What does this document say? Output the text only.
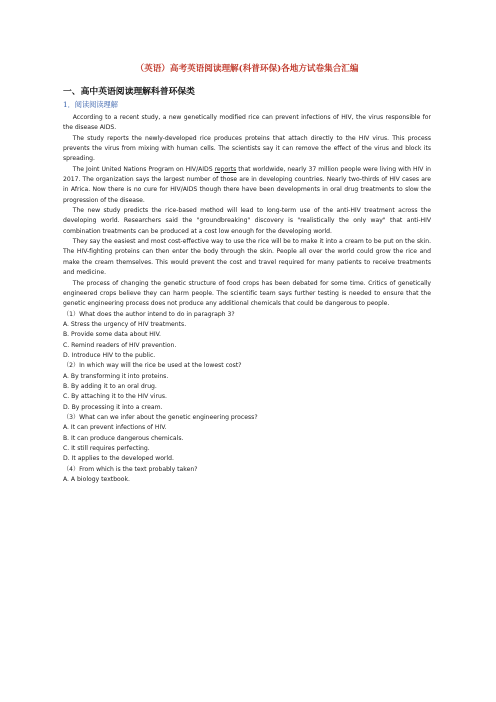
（英语）高考英语阅读理解(科普环保)各地方试卷集合汇编
一、高中英语阅读理解科普环保类
1．阅读阅读理解

According to a recent study, a new genetically modified rice can prevent infections of HIV, the virus responsible for the disease AIDS.

The study reports the newly-developed rice produces proteins that attach directly to the HIV virus. This process prevents the virus from mixing with human cells. The scientists say it can remove the effect of the virus and block its spreading.

The Joint United Nations Program on HIV/AIDS reports that worldwide, nearly 37 million people were living with HIV in 2017. The organization says the largest number of those are in developing countries. Nearly two-thirds of HIV cases are in Africa. Now there is no cure for HIV/AIDS though there have been developments in oral drug treatments to slow the progression of the disease.

The new study predicts the rice-based method will lead to long-term use of the anti-HIV treatment across the developing world. Researchers said the "groundbreaking" discovery is "realistically the only way" that anti-HIV combination treatments can be produced at a cost low enough for the developing world.

They say the easiest and most cost-effective way to use the rice will be to make it into a cream to be put on the skin. The HIV-fighting proteins can then enter the body through the skin. People all over the world could grow the rice and make the cream themselves. This would prevent the cost and travel required for many patients to receive treatments and medicine.

The process of changing the genetic structure of food crops has been debated for some time. Critics of genetically engineered crops believe they can harm people. The scientific team says further testing is needed to ensure that the genetic engineering process does not produce any additional chemicals that could be dangerous to people.

（1）What does the author intend to do in paragraph 3?
A. Stress the urgency of HIV treatments.
B. Provide some data about HIV.
C. Remind readers of HIV prevention.
D. Introduce HIV to the public.
（2）In which way will the rice be used at the lowest cost?
A. By transforming it into proteins.
B. By adding it to an oral drug.
C. By attaching it to the HIV virus.
D. By processing it into a cream.
（3）What can we infer about the genetic engineering process?
A. It can prevent infections of HIV.
B. It can produce dangerous chemicals.
C. It still requires perfecting.
D. It applies to the developed world.
（4）From which is the text probably taken?
A. A biology textbook.
